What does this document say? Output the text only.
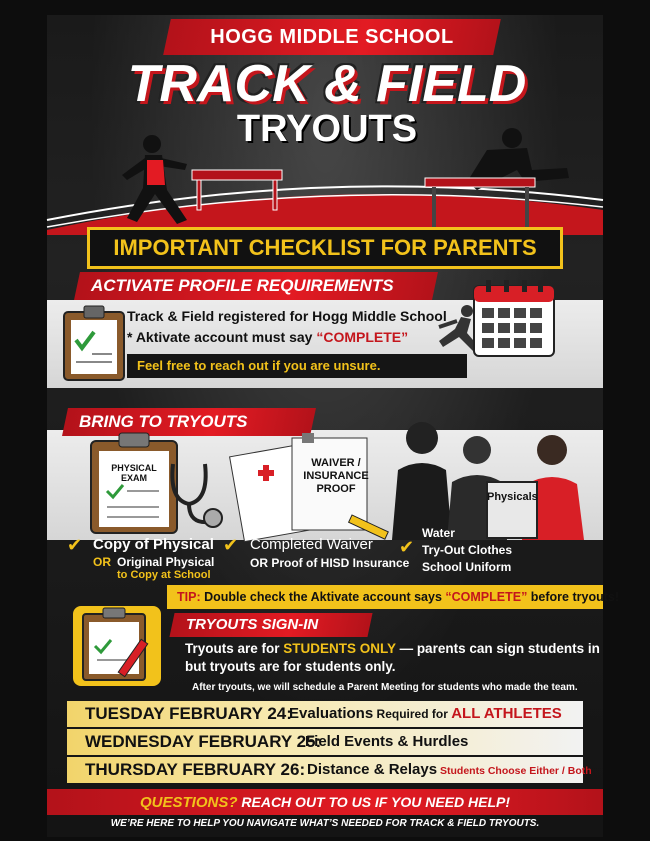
HOGG MIDDLE SCHOOL
TRACK & FIELD
TRYOUTS
IMPORTANT CHECKLIST FOR PARENTS
ACTIVATE PROFILE REQUIREMENTS
Track & Field registered for Hogg Middle School
* Aktivate account must say “COMPLETE”
Feel free to reach out if you are unsure.
BRING TO TRYOUTS
PHYSICAL EXAM
WAIVER / INSURANCE PROOF
Physicals
✔ Copy of Physical
OR Original Physical
to Copy at School
✔ Completed Waiver
OR Proof of HISD Insurance
✔
Water
Try-Out Clothes
School Uniform
TIP: Double check the Aktivate account says “COMPLETE” before tryouts!
TRYOUTS SIGN-IN
Tryouts are for STUDENTS ONLY — parents can sign students in
but tryouts are for students only.
After tryouts, we will schedule a Parent Meeting for students who made the team.
TUESDAY FEBRUARY 24:
Evaluations Required for ALL ATHLETES
WEDNESDAY FEBRUARY 25:
Field Events & Hurdles
THURSDAY FEBRUARY 26: Distance & Relays Students Choose Either / Both
QUESTIONS? REACH OUT TO US IF YOU NEED HELP!
WE’RE HERE TO HELP YOU NAVIGATE WHAT’S NEEDED FOR TRACK & FIELD TRYOUTS.
